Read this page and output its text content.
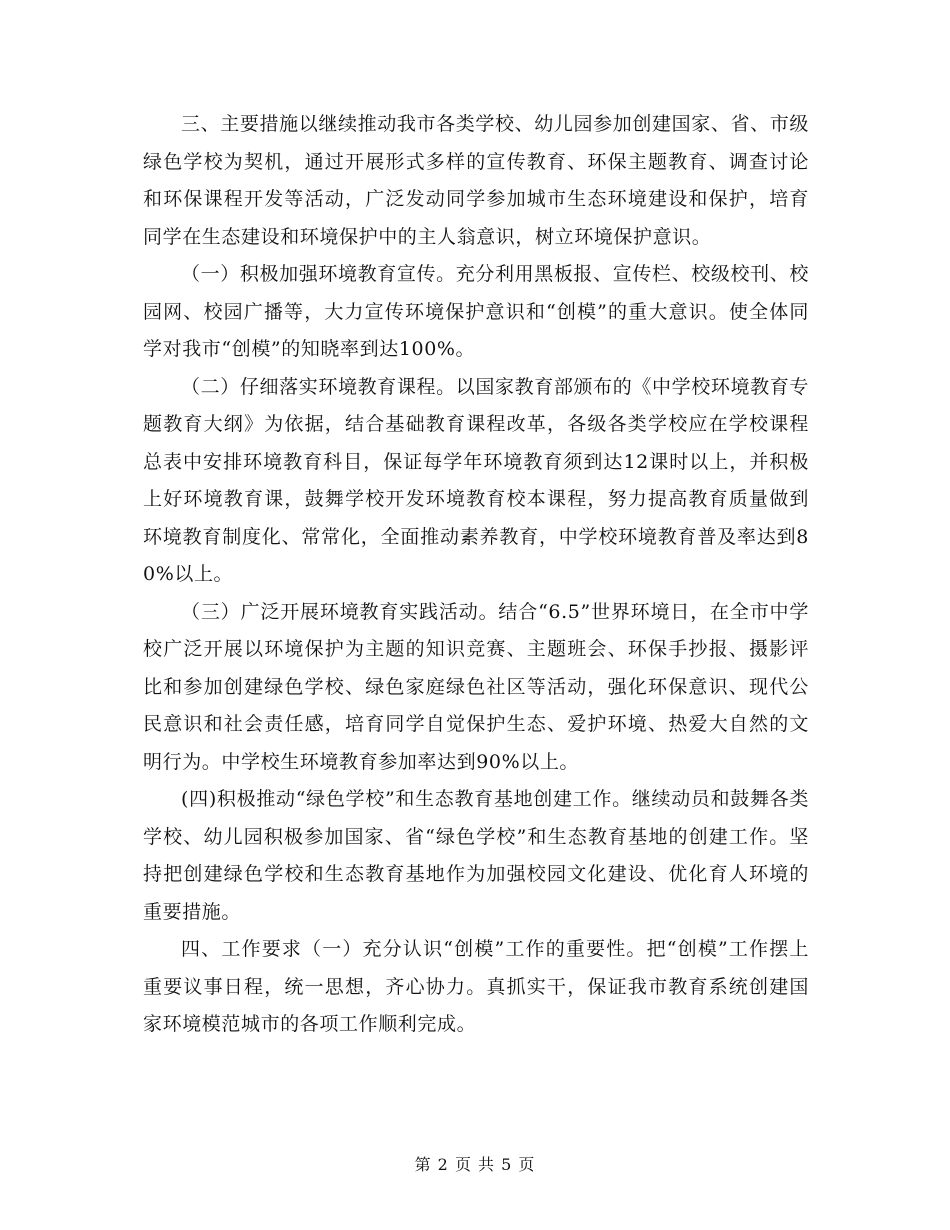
三、主要措施以继续推动我市各类学校、幼儿园参加创建国家、省、市级绿色学校为契机，通过开展形式多样的宣传教育、环保主题教育、调查讨论和环保课程开发等活动，广泛发动同学参加城市生态环境建设和保护，培育同学在生态建设和环境保护中的主人翁意识，树立环境保护意识。

（一）积极加强环境教育宣传。充分利用黑板报、宣传栏、校级校刊、校园网、校园广播等，大力宣传环境保护意识和“创模”的重大意识。使全体同学对我市“创模”的知晓率到达100%。

（二）仔细落实环境教育课程。以国家教育部颁布的《中学校环境教育专题教育大纲》为依据，结合基础教育课程改革，各级各类学校应在学校课程总表中安排环境教育科目，保证每学年环境教育须到达12课时以上，并积极上好环境教育课，鼓舞学校开发环境教育校本课程，努力提高教育质量做到环境教育制度化、常常化，全面推动素养教育，中学校环境教育普及率达到80%以上。

（三）广泛开展环境教育实践活动。结合“6.5”世界环境日，在全市中学校广泛开展以环境保护为主题的知识竞赛、主题班会、环保手抄报、摄影评比和参加创建绿色学校、绿色家庭绿色社区等活动，强化环保意识、现代公民意识和社会责任感，培育同学自觉保护生态、爱护环境、热爱大自然的文明行为。中学校生环境教育参加率达到90%以上。

(四)积极推动“绿色学校”和生态教育基地创建工作。继续动员和鼓舞各类学校、幼儿园积极参加国家、省“绿色学校”和生态教育基地的创建工作。坚持把创建绿色学校和生态教育基地作为加强校园文化建设、优化育人环境的重要措施。

四、工作要求（一）充分认识“创模”工作的重要性。把“创模”工作摆上重要议事日程，统一思想，齐心协力。真抓实干，保证我市教育系统创建国家环境模范城市的各项工作顺利完成。

第 2 页 共 5 页
